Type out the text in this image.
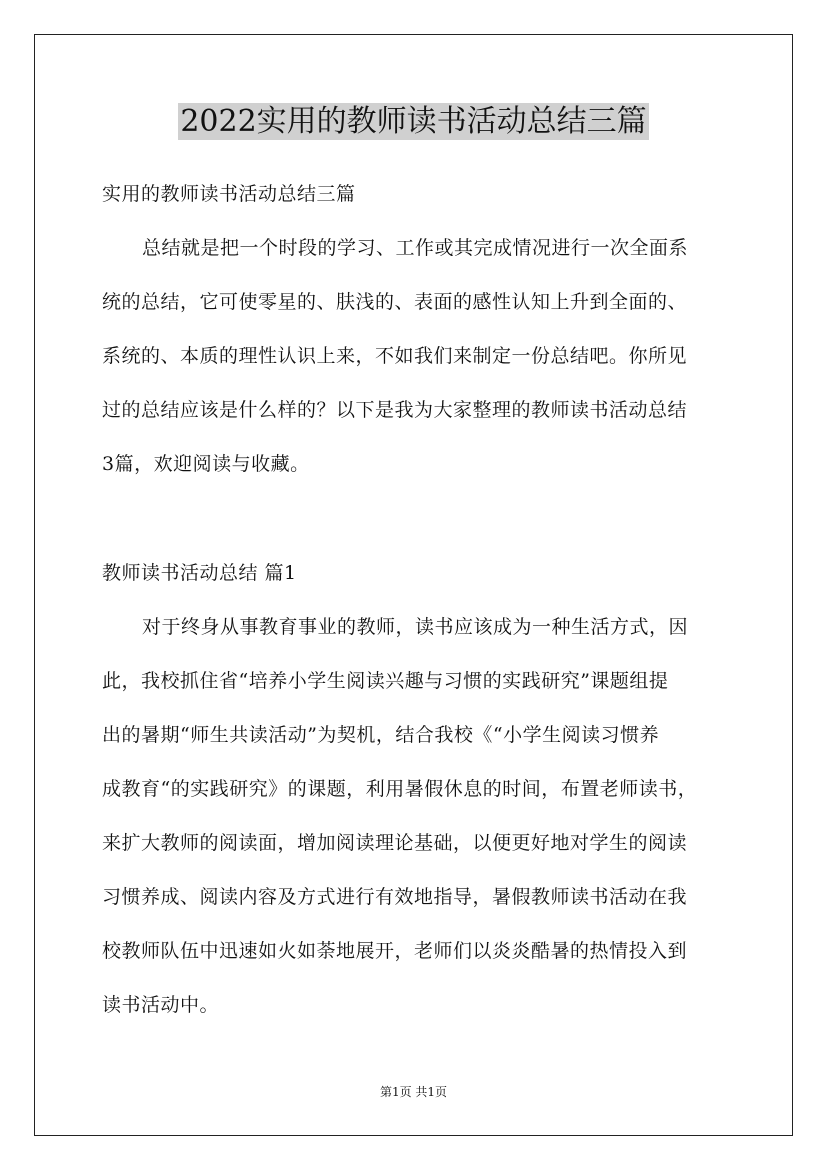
2022实用的教师读书活动总结三篇
实用的教师读书活动总结三篇
总结就是把一个时段的学习、工作或其完成情况进行一次全面系
统的总结，它可使零星的、肤浅的、表面的感性认知上升到全面的、
系统的、本质的理性认识上来，不如我们来制定一份总结吧。你所见
过的总结应该是什么样的？以下是我为大家整理的教师读书活动总结
3篇，欢迎阅读与收藏。
教师读书活动总结 篇1
对于终身从事教育事业的教师，读书应该成为一种生活方式，因
此，我校抓住省“培养小学生阅读兴趣与习惯的实践研究”课题组提
出的暑期“师生共读活动”为契机，结合我校《“小学生阅读习惯养
成教育“的实践研究》的课题，利用暑假休息的时间，布置老师读书，
来扩大教师的阅读面，增加阅读理论基础，以便更好地对学生的阅读
习惯养成、阅读内容及方式进行有效地指导，暑假教师读书活动在我
校教师队伍中迅速如火如荼地展开，老师们以炎炎酷暑的热情投入到
读书活动中。
第1页 共1页
